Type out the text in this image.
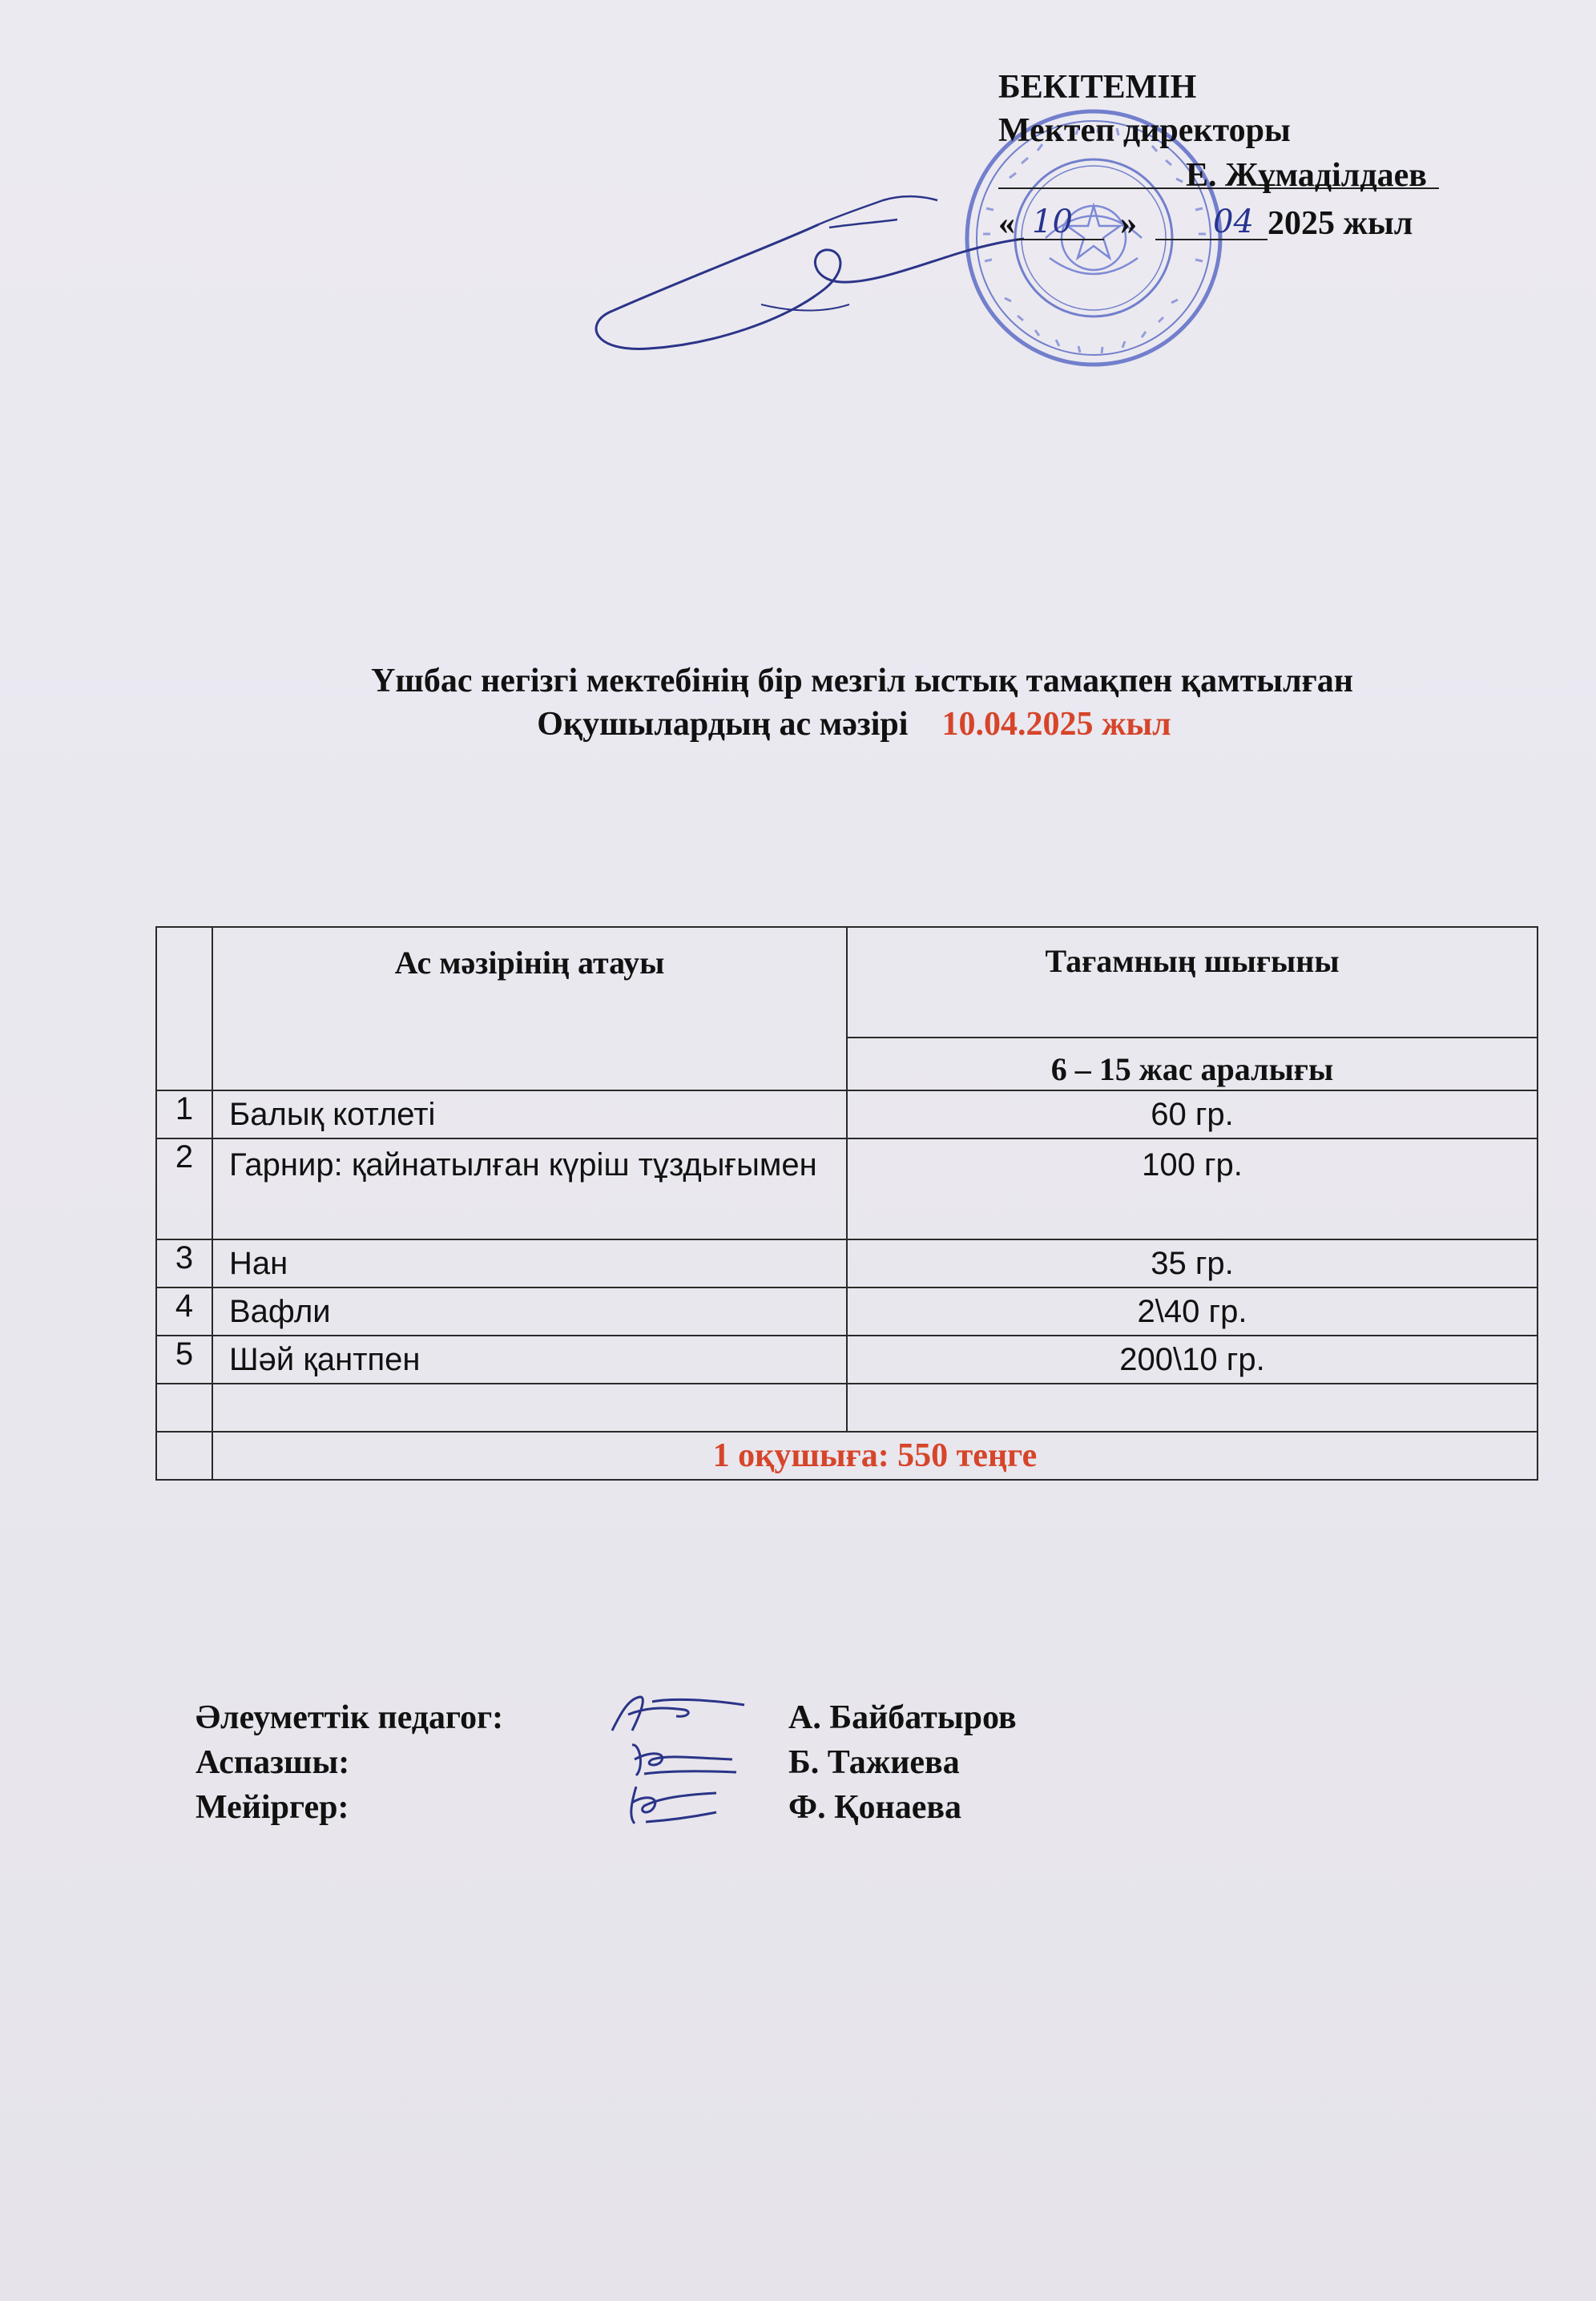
БЕКІТЕМІН
Мектеп директоры
Е. Жұмаділдаев
« 10 » 04 2025 жыл
Үшбас негізгі мектебінің бір мезгіл ыстық тамақпен қамтылған
Оқушылардың ас мәзірі 10.04.2025 жыл
	Ас мәзірінің атауы	Тағамның шығыны
		6 – 15 жас аралығы
1	Балық котлеті	60 гр.
2	Гарнир: қайнатылған күріш тұздығымен	100 гр.
3	Нан	35 гр.
4	Вафли	2\40 гр.
5	Шәй қантпен	200\10 гр.

	1 оқушыға: 550 теңге	
Әлеуметтік педагог:	А. Байбатыров
Аспазшы:	Б. Тажиева
Мейіргер:	Ф. Қонаева
